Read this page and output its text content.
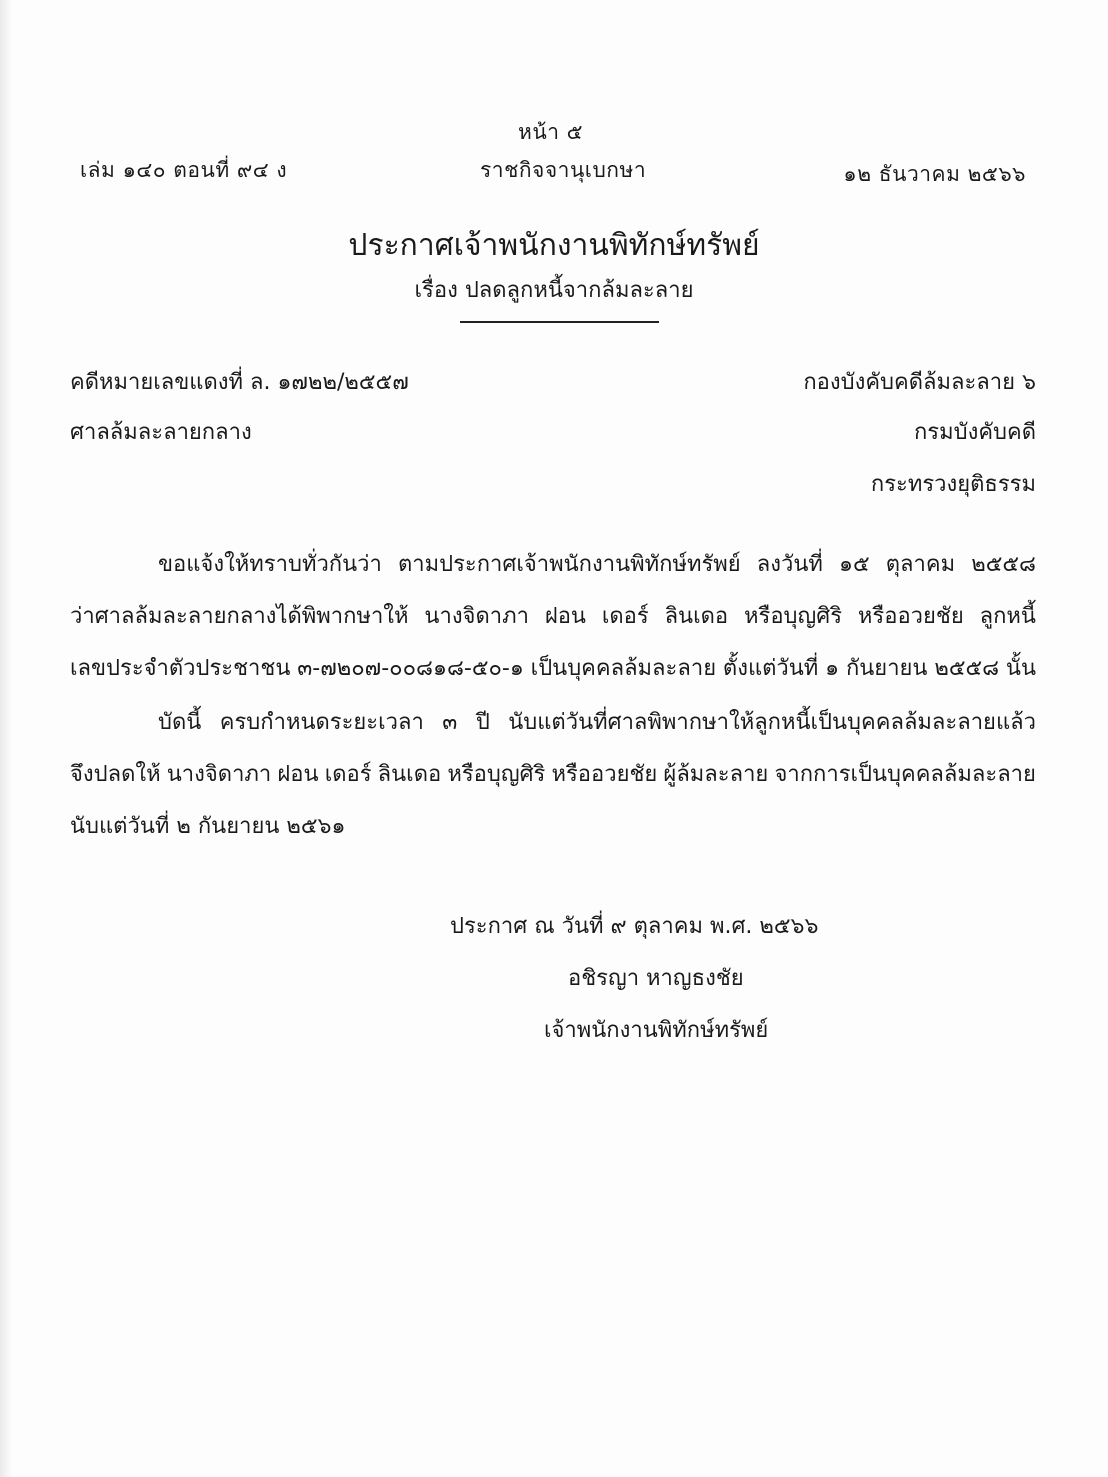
หน้า ๕
เล่ม ๑๔๐ ตอนที่ ๙๔ ง	ราชกิจจานุเบกษา	๑๒ ธันวาคม ๒๕๖๖
ประกาศเจ้าพนักงานพิทักษ์ทรัพย์
เรื่อง ปลดลูกหนี้จากล้มละลาย
คดีหมายเลขแดงที่ ล. ๑๗๒๒/๒๕๕๗
ศาลล้มละลายกลาง
กองบังคับคดีล้มละลาย ๖
กรมบังคับคดี
กระทรวงยุติธรรม
ขอแจ้งให้ทราบทั่วกันว่า ตามประกาศเจ้าพนักงานพิทักษ์ทรัพย์ ลงวันที่ ๑๕ ตุลาคม ๒๕๕๘
ว่าศาลล้มละลายกลางได้พิพากษาให้ นางจิดาภา ฝอน เดอร์ ลินเดอ หรือบุญศิริ หรืออวยชัย ลูกหนี้
เลขประจำตัวประชาชน ๓-๗๒๐๗-๐๐๘๑๘-๕๐-๑ เป็นบุคคลล้มละลาย ตั้งแต่วันที่ ๑ กันยายน ๒๕๕๘ นั้น
บัดนี้ ครบกำหนดระยะเวลา ๓ ปี นับแต่วันที่ศาลพิพากษาให้ลูกหนี้เป็นบุคคลล้มละลายแล้ว
จึงปลดให้ นางจิดาภา ฝอน เดอร์ ลินเดอ หรือบุญศิริ หรืออวยชัย ผู้ล้มละลาย จากการเป็นบุคคลล้มละลาย
นับแต่วันที่ ๒ กันยายน ๒๕๖๑
ประกาศ ณ วันที่ ๙ ตุลาคม พ.ศ. ๒๕๖๖
อชิรญา หาญธงชัย
เจ้าพนักงานพิทักษ์ทรัพย์
